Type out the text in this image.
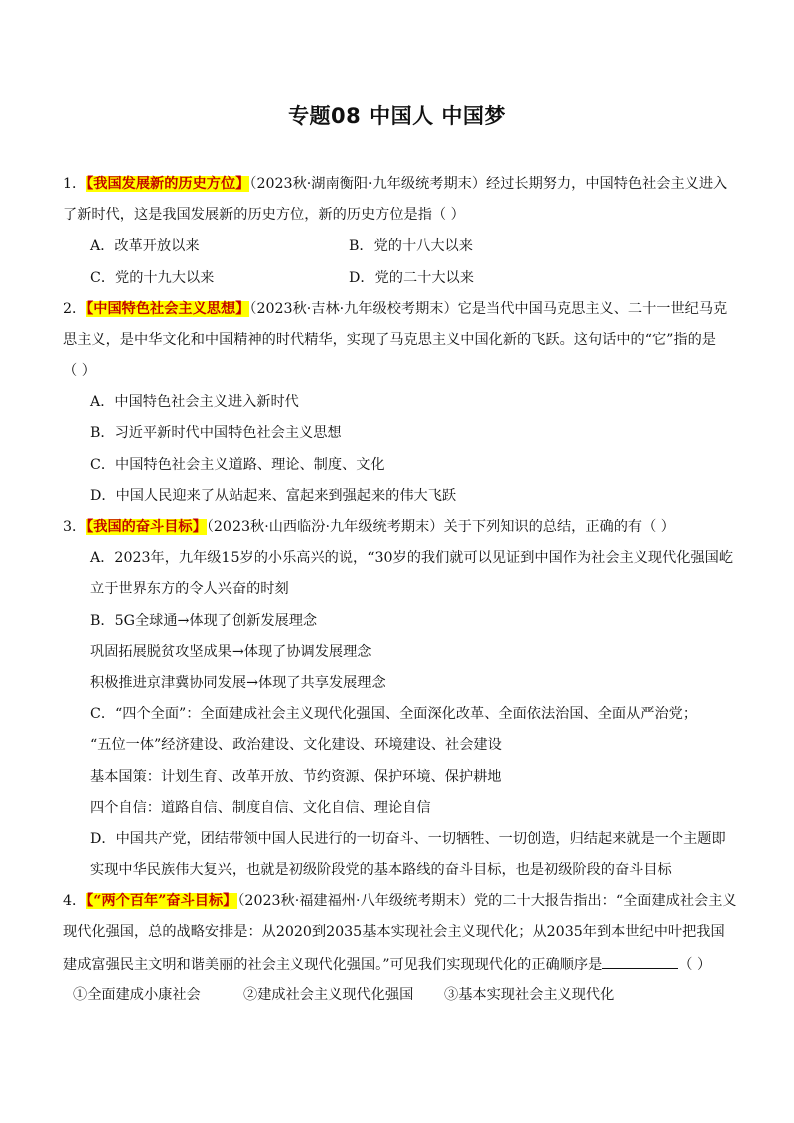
专题08 中国人 中国梦
1．【我国发展新的历史方位】（2023秋·湖南衡阳·九年级统考期末）经过长期努力，中国特色社会主义进入
了新时代，这是我国发展新的历史方位，新的历史方位是指（ ）
A．改革开放以来	B．党的十八大以来
C．党的十九大以来	D．党的二十大以来
2．【中国特色社会主义思想】（2023秋·吉林·九年级校考期末）它是当代中国马克思主义、二十一世纪马克
思主义，是中华文化和中国精神的时代精华，实现了马克思主义中国化新的飞跃。这句话中的“它”指的是
（ ）
A．中国特色社会主义进入新时代
B．习近平新时代中国特色社会主义思想
C．中国特色社会主义道路、理论、制度、文化
D．中国人民迎来了从站起来、富起来到强起来的伟大飞跃
3．【我国的奋斗目标】（2023秋·山西临汾·九年级统考期末）关于下列知识的总结，正确的有（ ）
A．2023年，九年级15岁的小乐高兴的说，“30岁的我们就可以见证到中国作为社会主义现代化强国屹
立于世界东方的令人兴奋的时刻
B．5G全球通→体现了创新发展理念
巩固拓展脱贫攻坚成果→体现了协调发展理念
积极推进京津冀协同发展→体现了共享发展理念
C．“四个全面”：全面建成社会主义现代化强国、全面深化改革、全面依法治国、全面从严治党；
“五位一体”经济建设、政治建设、文化建设、环境建设、社会建设
基本国策：计划生育、改革开放、节约资源、保护环境、保护耕地
四个自信：道路自信、制度自信、文化自信、理论自信
D．中国共产党，团结带领中国人民进行的一切奋斗、一切牺牲、一切创造，归结起来就是一个主题即
实现中华民族伟大复兴，也就是初级阶段党的基本路线的奋斗目标，也是初级阶段的奋斗目标
4．【“两个百年”奋斗目标】（2023秋·福建福州·八年级统考期末）党的二十大报告指出：“全面建成社会主义
现代化强国，总的战略安排是：从2020到2035基本实现社会主义现代化；从2035年到本世纪中叶把我国
建成富强民主文明和谐美丽的社会主义现代化强国。”可见我们实现现代化的正确顺序是	（ ）
①全面建成小康社会	②建成社会主义现代化强国 ③基本实现社会主义现代化
